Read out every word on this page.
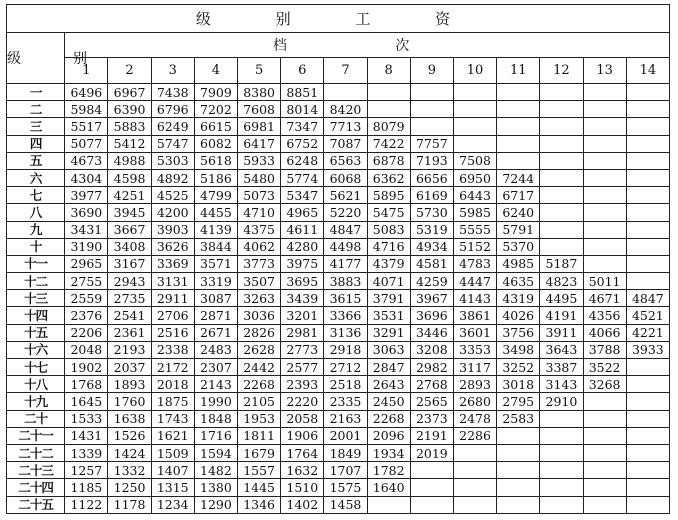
级 别 工 资														
级别	档 次													
	1	2	3	4	5	6	7	8	9	10	11	12	13	14
一	6496	6967	7438	7909	8380	8851								
二	5984	6390	6796	7202	7608	8014	8420							
三	5517	5883	6249	6615	6981	7347	7713	8079						
四	5077	5412	5747	6082	6417	6752	7087	7422	7757					
五	4673	4988	5303	5618	5933	6248	6563	6878	7193	7508				
六	4304	4598	4892	5186	5480	5774	6068	6362	6656	6950	7244			
七	3977	4251	4525	4799	5073	5347	5621	5895	6169	6443	6717			
八	3690	3945	4200	4455	4710	4965	5220	5475	5730	5985	6240			
九	3431	3667	3903	4139	4375	4611	4847	5083	5319	5555	5791			
十	3190	3408	3626	3844	4062	4280	4498	4716	4934	5152	5370			
十一	2965	3167	3369	3571	3773	3975	4177	4379	4581	4783	4985	5187		
十二	2755	2943	3131	3319	3507	3695	3883	4071	4259	4447	4635	4823	5011	
十三	2559	2735	2911	3087	3263	3439	3615	3791	3967	4143	4319	4495	4671	4847
十四	2376	2541	2706	2871	3036	3201	3366	3531	3696	3861	4026	4191	4356	4521
十五	2206	2361	2516	2671	2826	2981	3136	3291	3446	3601	3756	3911	4066	4221
十六	2048	2193	2338	2483	2628	2773	2918	3063	3208	3353	3498	3643	3788	3933
十七	1902	2037	2172	2307	2442	2577	2712	2847	2982	3117	3252	3387	3522	
十八	1768	1893	2018	2143	2268	2393	2518	2643	2768	2893	3018	3143	3268	
十九	1645	1760	1875	1990	2105	2220	2335	2450	2565	2680	2795	2910		
二十	1533	1638	1743	1848	1953	2058	2163	2268	2373	2478	2583			
二十一	1431	1526	1621	1716	1811	1906	2001	2096	2191	2286				
二十二	1339	1424	1509	1594	1679	1764	1849	1934	2019					
二十三	1257	1332	1407	1482	1557	1632	1707	1782						
二十四	1185	1250	1315	1380	1445	1510	1575	1640						
二十五	1122	1178	1234	1290	1346	1402	1458							
